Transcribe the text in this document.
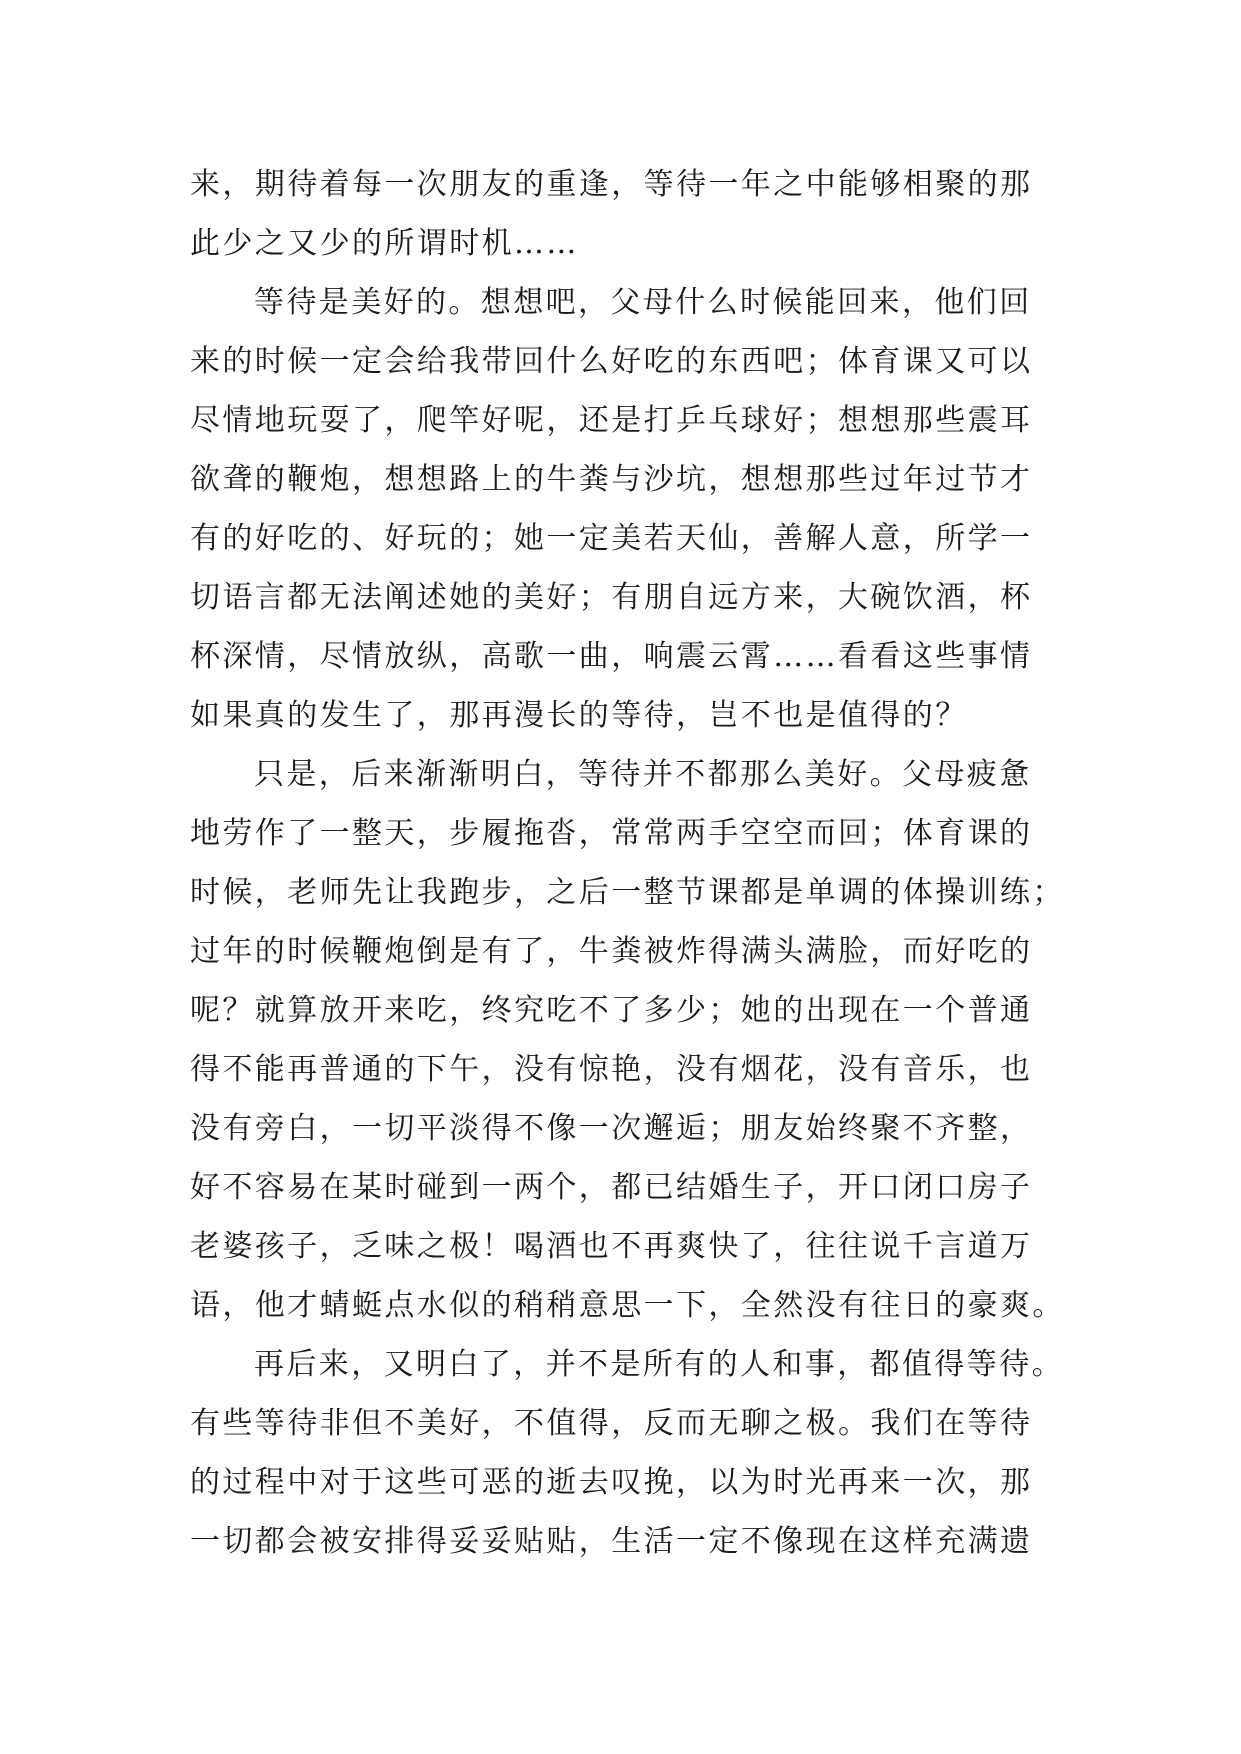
来，期待着每一次朋友的重逢，等待一年之中能够相聚的那
此少之又少的所谓时机……
等待是美好的。想想吧，父母什么时候能回来，他们回
来的时候一定会给我带回什么好吃的东西吧；体育课又可以
尽情地玩耍了，爬竿好呢，还是打乒乓球好；想想那些震耳
欲聋的鞭炮，想想路上的牛粪与沙坑，想想那些过年过节才
有的好吃的、好玩的；她一定美若天仙，善解人意，所学一
切语言都无法阐述她的美好；有朋自远方来，大碗饮酒，杯
杯深情，尽情放纵，高歌一曲，响震云霄……看看这些事情
如果真的发生了，那再漫长的等待，岂不也是值得的？
只是，后来渐渐明白，等待并不都那么美好。父母疲惫
地劳作了一整天，步履拖沓，常常两手空空而回；体育课的
时候，老师先让我跑步，之后一整节课都是单调的体操训练；
过年的时候鞭炮倒是有了，牛粪被炸得满头满脸，而好吃的
呢？就算放开来吃，终究吃不了多少；她的出现在一个普通
得不能再普通的下午，没有惊艳，没有烟花，没有音乐，也
没有旁白，一切平淡得不像一次邂逅；朋友始终聚不齐整，
好不容易在某时碰到一两个，都已结婚生子，开口闭口房子
老婆孩子，乏味之极！喝酒也不再爽快了，往往说千言道万
语，他才蜻蜓点水似的稍稍意思一下，全然没有往日的豪爽。
再后来，又明白了，并不是所有的人和事，都值得等待。
有些等待非但不美好，不值得，反而无聊之极。我们在等待
的过程中对于这些可恶的逝去叹挽，以为时光再来一次，那
一切都会被安排得妥妥贴贴，生活一定不像现在这样充满遗
